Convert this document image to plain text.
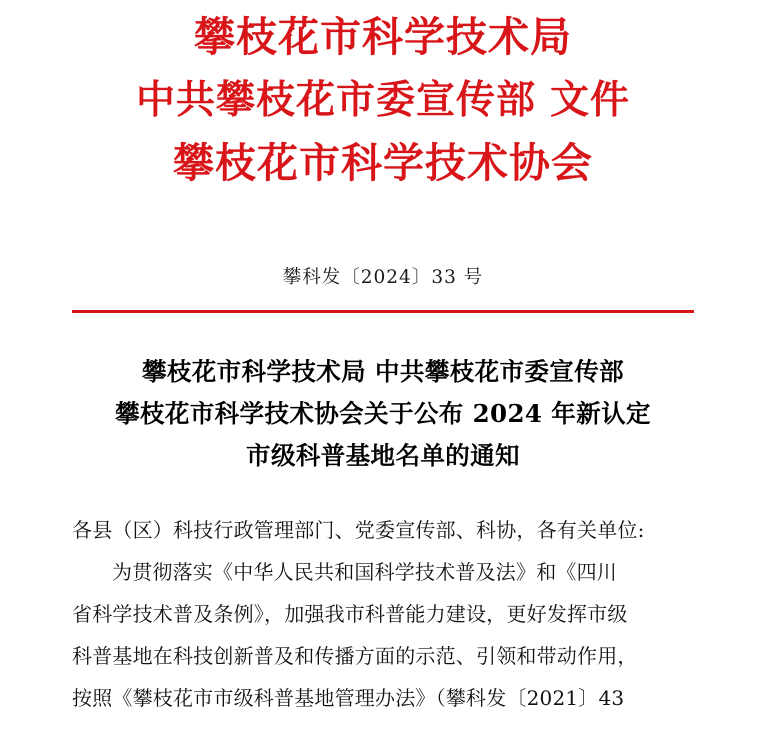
攀枝花市科学技术局
中共攀枝花市委宣传部 文件
攀枝花市科学技术协会
攀科发〔2024〕33 号
攀枝花市科学技术局 中共攀枝花市委宣传部
攀枝花市科学技术协会关于公布 2024 年新认定
市级科普基地名单的通知
各县（区）科技行政管理部门、党委宣传部、科协，各有关单位:
为贯彻落实《中华人民共和国科学技术普及法》和《四川
省科学技术普及条例》，加强我市科普能力建设，更好发挥市级
科普基地在科技创新普及和传播方面的示范、引领和带动作用，
按照《攀枝花市市级科普基地管理办法》（攀科发〔2021〕43
